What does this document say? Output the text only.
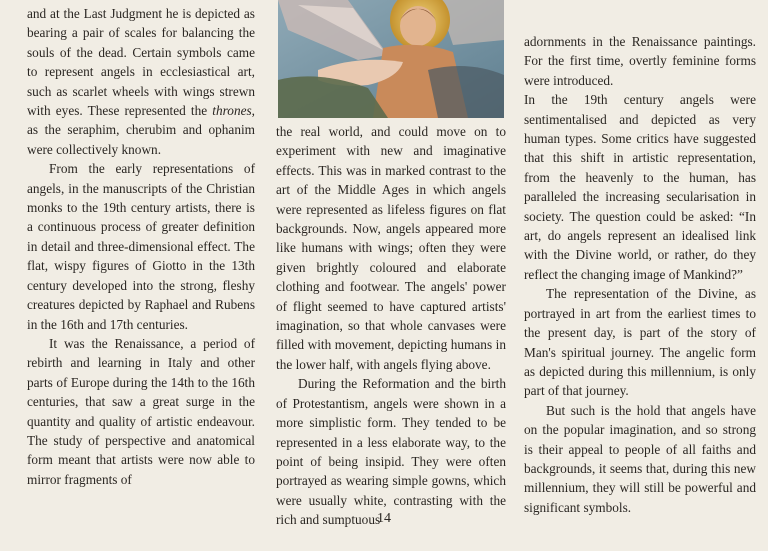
and at the Last Judgment he is depicted as bearing a pair of scales for balancing the souls of the dead. Certain symbols came to represent angels in ecclesiastical art, such as scarlet wheels with wings strewn with eyes. These represented the thrones, as the seraphim, cherubim and ophanim were collectively known.

From the early representations of angels, in the manuscripts of the Christian monks to the 19th century artists, there is a continuous process of greater definition in detail and three-dimensional effect. The flat, wispy figures of Giotto in the 13th century developed into the strong, fleshy creatures depicted by Raphael and Rubens in the 16th and 17th centuries.

It was the Renaissance, a period of rebirth and learning in Italy and other parts of Europe during the 14th to the 16th centuries, that saw a great surge in the quantity and quality of artistic endeavour. The study of perspective and anatomical form meant that artists were now able to mirror fragments of

the real world, and could move on to experiment with new and imaginative effects. This was in marked contrast to the art of the Middle Ages in which angels were represented as lifeless figures on flat backgrounds. Now, angels appeared more like humans with wings; often they were given brightly coloured and elaborate clothing and footwear. The angels' power of flight seemed to have captured artists' imagination, so that whole canvases were filled with movement, depicting humans in the lower half, with angels flying above.

During the Reformation and the birth of Protestantism, angels were shown in a more simplistic form. They tended to be represented in a less elaborate way, to the point of being insipid. They were often portrayed as wearing simple gowns, which were usually white, contrasting with the rich and sumptuous

adornments in the Renaissance paintings. For the first time, overtly feminine forms were introduced.

In the 19th century angels were sentimentalised and depicted as very human types. Some critics have suggested that this shift in artistic representation, from the heavenly to the human, has paralleled the increasing secularisation in society. The question could be asked: “In art, do angels represent an idealised link with the Divine world, or rather, do they reflect the changing image of Mankind?”

The representation of the Divine, as portrayed in art from the earliest times to the present day, is part of the story of Man's spiritual journey. The angelic form as depicted during this millennium, is only part of that journey.

But such is the hold that angels have on the popular imagination, and so strong is their appeal to people of all faiths and backgrounds, it seems that, during this new millennium, they will still be powerful and significant symbols.

14
